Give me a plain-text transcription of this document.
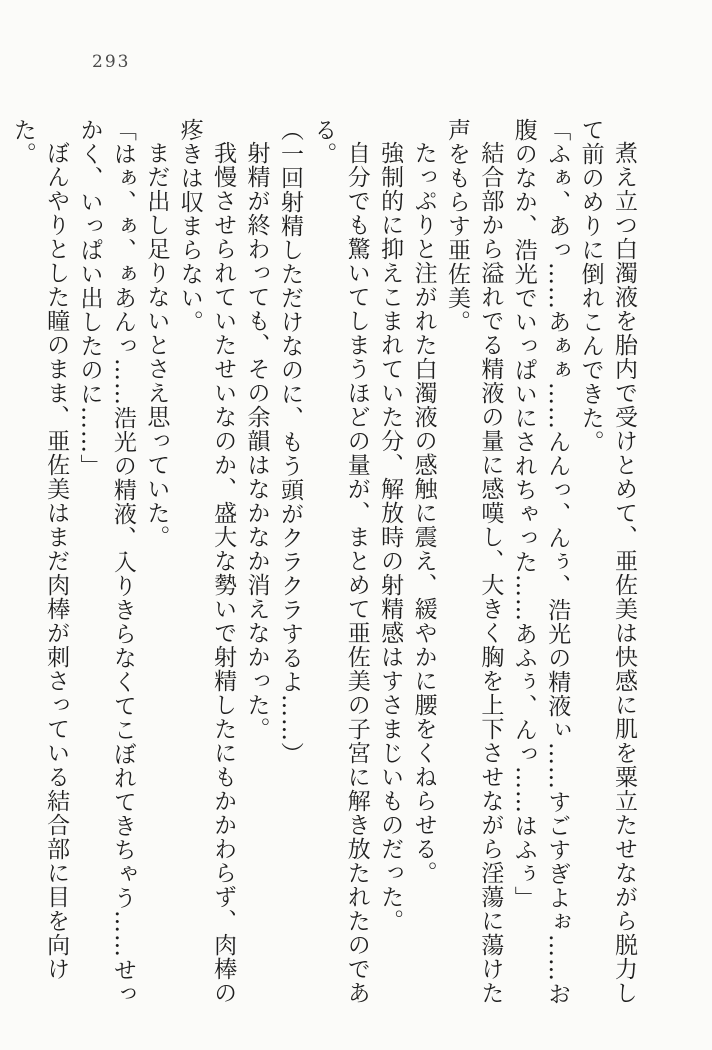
293

煮え立つ白濁液を胎内で受けとめて、亜佐美は快感に肌を粟立たせながら脱力して前のめりに倒れこんできた。

「ふぁ、あっ……あぁぁ……んんっ、んぅ、浩光の精液ぃ……すごすぎよぉ……お腹のなか、浩光でいっぱいにされちゃった……あふぅ、んっ……はふぅ」

結合部から溢れでる精液の量に感嘆し、大きく胸を上下させながら淫蕩に蕩けた声をもらす亜佐美。

たっぷりと注がれた白濁液の感触に震え、緩やかに腰をくねらせる。

強制的に抑えこまれていた分、解放時の射精感はすさまじいものだった。

自分でも驚いてしまうほどの量が、まとめて亜佐美の子宮に解き放たれたのである。

（一回射精しただけなのに、もう頭がクラクラするよ……）

射精が終わっても、その余韻はなかなか消えなかった。

我慢させられていたせいなのか、盛大な勢いで射精したにもかかわらず、肉棒の疼きは収まらない。

まだ出し足りないとさえ思っていた。

「はぁ、ぁ、ぁあんっ……浩光の精液、入りきらなくてこぼれてきちゃう……せっかく、いっぱい出したのに……」

ぼんやりとした瞳のまま、亜佐美はまだ肉棒が刺さっている結合部に目を向けた。
